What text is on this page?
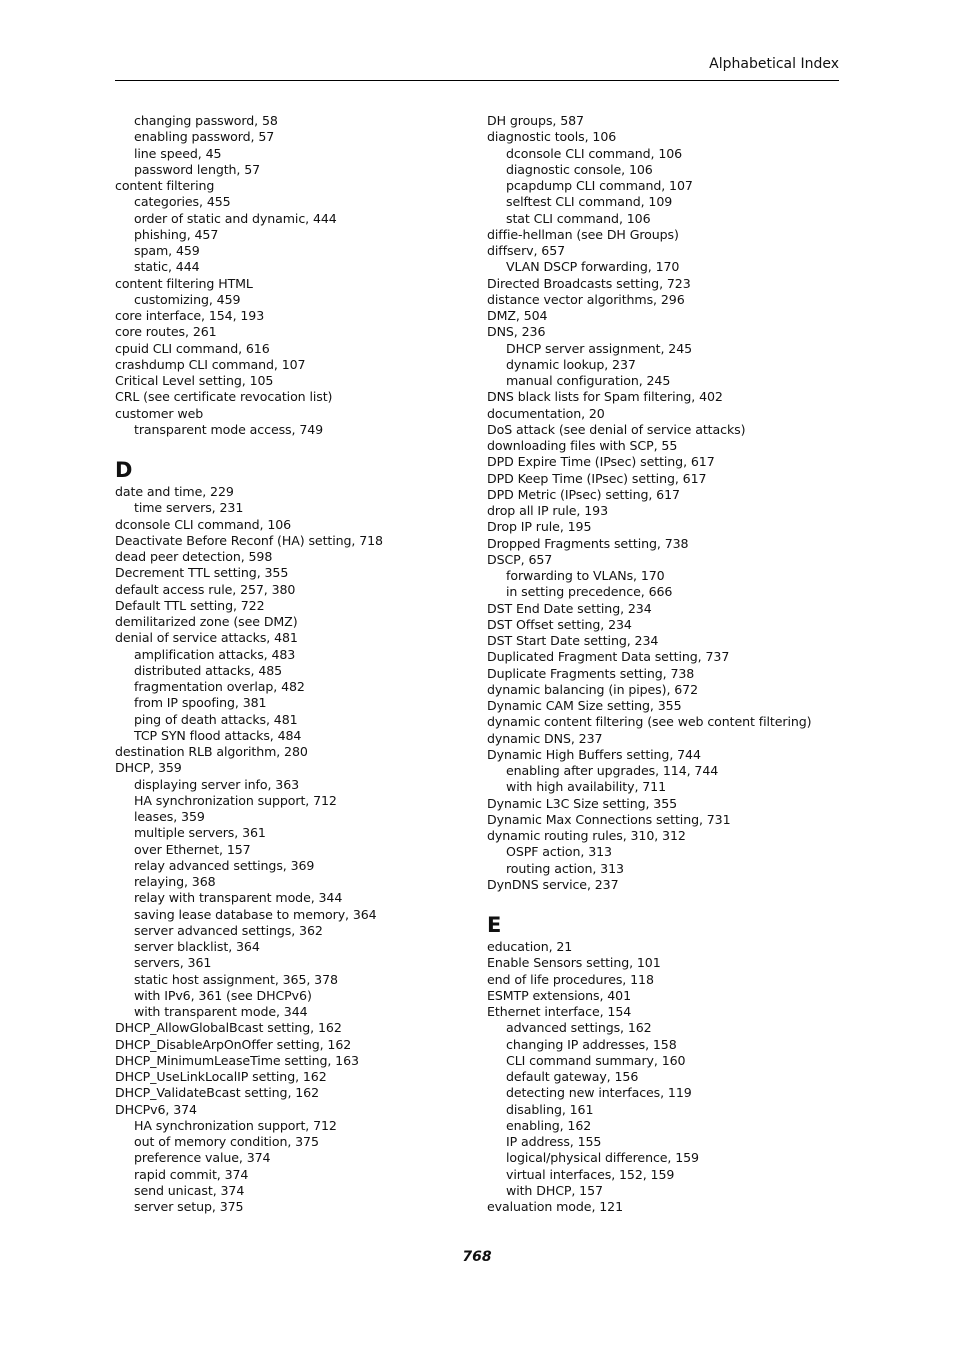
Alphabetical Index
changing password, 58
enabling password, 57
line speed, 45
password length, 57
content filtering
categories, 455
order of static and dynamic, 444
phishing, 457
spam, 459
static, 444
content filtering HTML
customizing, 459
core interface, 154, 193
core routes, 261
cpuid CLI command, 616
crashdump CLI command, 107
Critical Level setting, 105
CRL (see certificate revocation list)
customer web
transparent mode access, 749
D
date and time, 229
time servers, 231
dconsole CLI command, 106
Deactivate Before Reconf (HA) setting, 718
dead peer detection, 598
Decrement TTL setting, 355
default access rule, 257, 380
Default TTL setting, 722
demilitarized zone (see DMZ)
denial of service attacks, 481
amplification attacks, 483
distributed attacks, 485
fragmentation overlap, 482
from IP spoofing, 381
ping of death attacks, 481
TCP SYN flood attacks, 484
destination RLB algorithm, 280
DHCP, 359
displaying server info, 363
HA synchronization support, 712
leases, 359
multiple servers, 361
over Ethernet, 157
relay advanced settings, 369
relaying, 368
relay with transparent mode, 344
saving lease database to memory, 364
server advanced settings, 362
server blacklist, 364
servers, 361
static host assignment, 365, 378
with IPv6, 361 (see DHCPv6)
with transparent mode, 344
DHCP_AllowGlobalBcast setting, 162
DHCP_DisableArpOnOffer setting, 162
DHCP_MinimumLeaseTime setting, 163
DHCP_UseLinkLocalIP setting, 162
DHCP_ValidateBcast setting, 162
DHCPv6, 374
HA synchronization support, 712
out of memory condition, 375
preference value, 374
rapid commit, 374
send unicast, 374
server setup, 375
DH groups, 587
diagnostic tools, 106
dconsole CLI command, 106
diagnostic console, 106
pcapdump CLI command, 107
selftest CLI command, 109
stat CLI command, 106
diffie-hellman (see DH Groups)
diffserv, 657
VLAN DSCP forwarding, 170
Directed Broadcasts setting, 723
distance vector algorithms, 296
DMZ, 504
DNS, 236
DHCP server assignment, 245
dynamic lookup, 237
manual configuration, 245
DNS black lists for Spam filtering, 402
documentation, 20
DoS attack (see denial of service attacks)
downloading files with SCP, 55
DPD Expire Time (IPsec) setting, 617
DPD Keep Time (IPsec) setting, 617
DPD Metric (IPsec) setting, 617
drop all IP rule, 193
Drop IP rule, 195
Dropped Fragments setting, 738
DSCP, 657
forwarding to VLANs, 170
in setting precedence, 666
DST End Date setting, 234
DST Offset setting, 234
DST Start Date setting, 234
Duplicated Fragment Data setting, 737
Duplicate Fragments setting, 738
dynamic balancing (in pipes), 672
Dynamic CAM Size setting, 355
dynamic content filtering (see web content filtering)
dynamic DNS, 237
Dynamic High Buffers setting, 744
enabling after upgrades, 114, 744
with high availability, 711
Dynamic L3C Size setting, 355
Dynamic Max Connections setting, 731
dynamic routing rules, 310, 312
OSPF action, 313
routing action, 313
DynDNS service, 237
E
education, 21
Enable Sensors setting, 101
end of life procedures, 118
ESMTP extensions, 401
Ethernet interface, 154
advanced settings, 162
changing IP addresses, 158
CLI command summary, 160
default gateway, 156
detecting new interfaces, 119
disabling, 161
enabling, 162
IP address, 155
logical/physical difference, 159
virtual interfaces, 152, 159
with DHCP, 157
evaluation mode, 121
768
